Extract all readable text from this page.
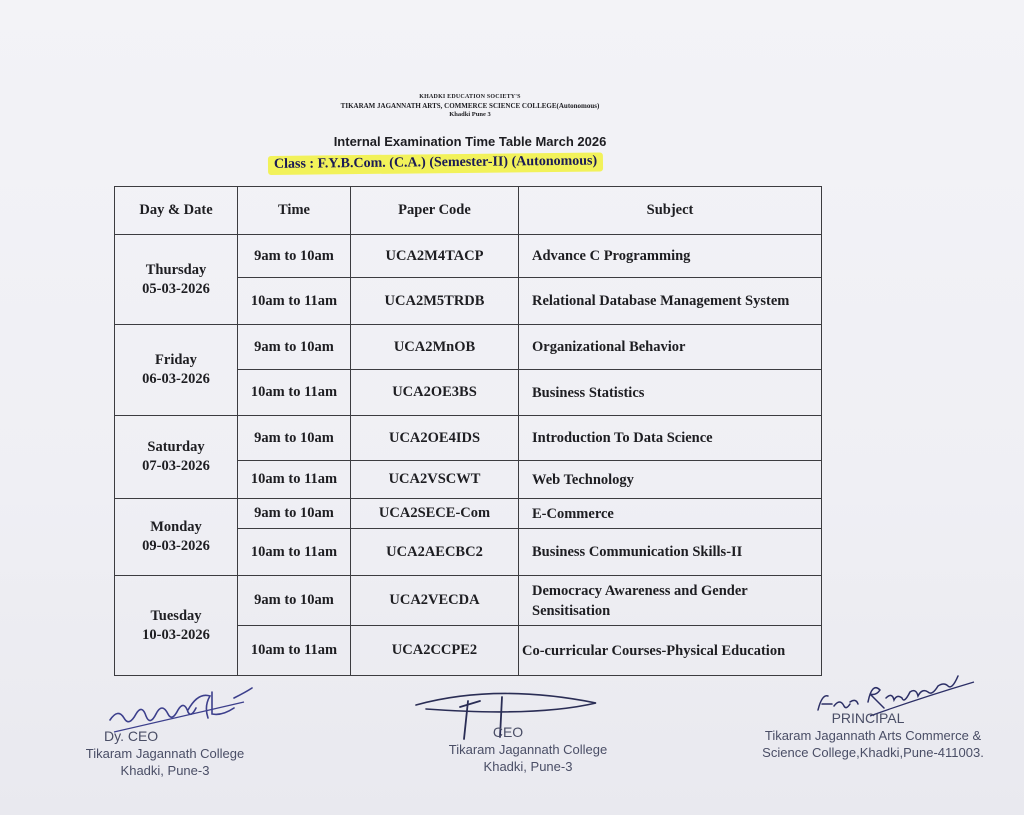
KHADKI EDUCATION SOCIETY'S
TIKARAM JAGANNATH ARTS, COMMERCE SCIENCE COLLEGE(Autonomous)
Khadki Pune 3
Internal Examination Time Table March 2026
Class : F.Y.B.Com. (C.A.) (Semester-II) (Autonomous)
Day & Date	Time	Paper Code	Subject
Thursday
05-03-2026	9am to 10am	UCA2M4TACP	Advance C Programming
	10am to 11am	UCA2M5TRDB	Relational Database Management System
Friday
06-03-2026	9am to 10am	UCA2MnOB	Organizational Behavior
	10am to 11am	UCA2OE3BS	Business Statistics
Saturday
07-03-2026	9am to 10am	UCA2OE4IDS	Introduction To Data Science
	10am to 11am	UCA2VSCWT	Web Technology
Monday
09-03-2026	9am to 10am	UCA2SECE-Com	E-Commerce
	10am to 11am	UCA2AECBC2	Business Communication Skills-II
Tuesday
10-03-2026	9am to 10am	UCA2VECDA	Democracy Awareness and Gender Sensitisation
	10am to 11am	UCA2CCPE2	Co-curricular Courses-Physical Education
Dy. CEO
Tikaram Jagannath College
Khadki, Pune-3
CEO
Tikaram Jagannath College
Khadki, Pune-3
PRINCIPAL
Tikaram Jagannath Arts Commerce &
Science College,Khadki,Pune-411003.
